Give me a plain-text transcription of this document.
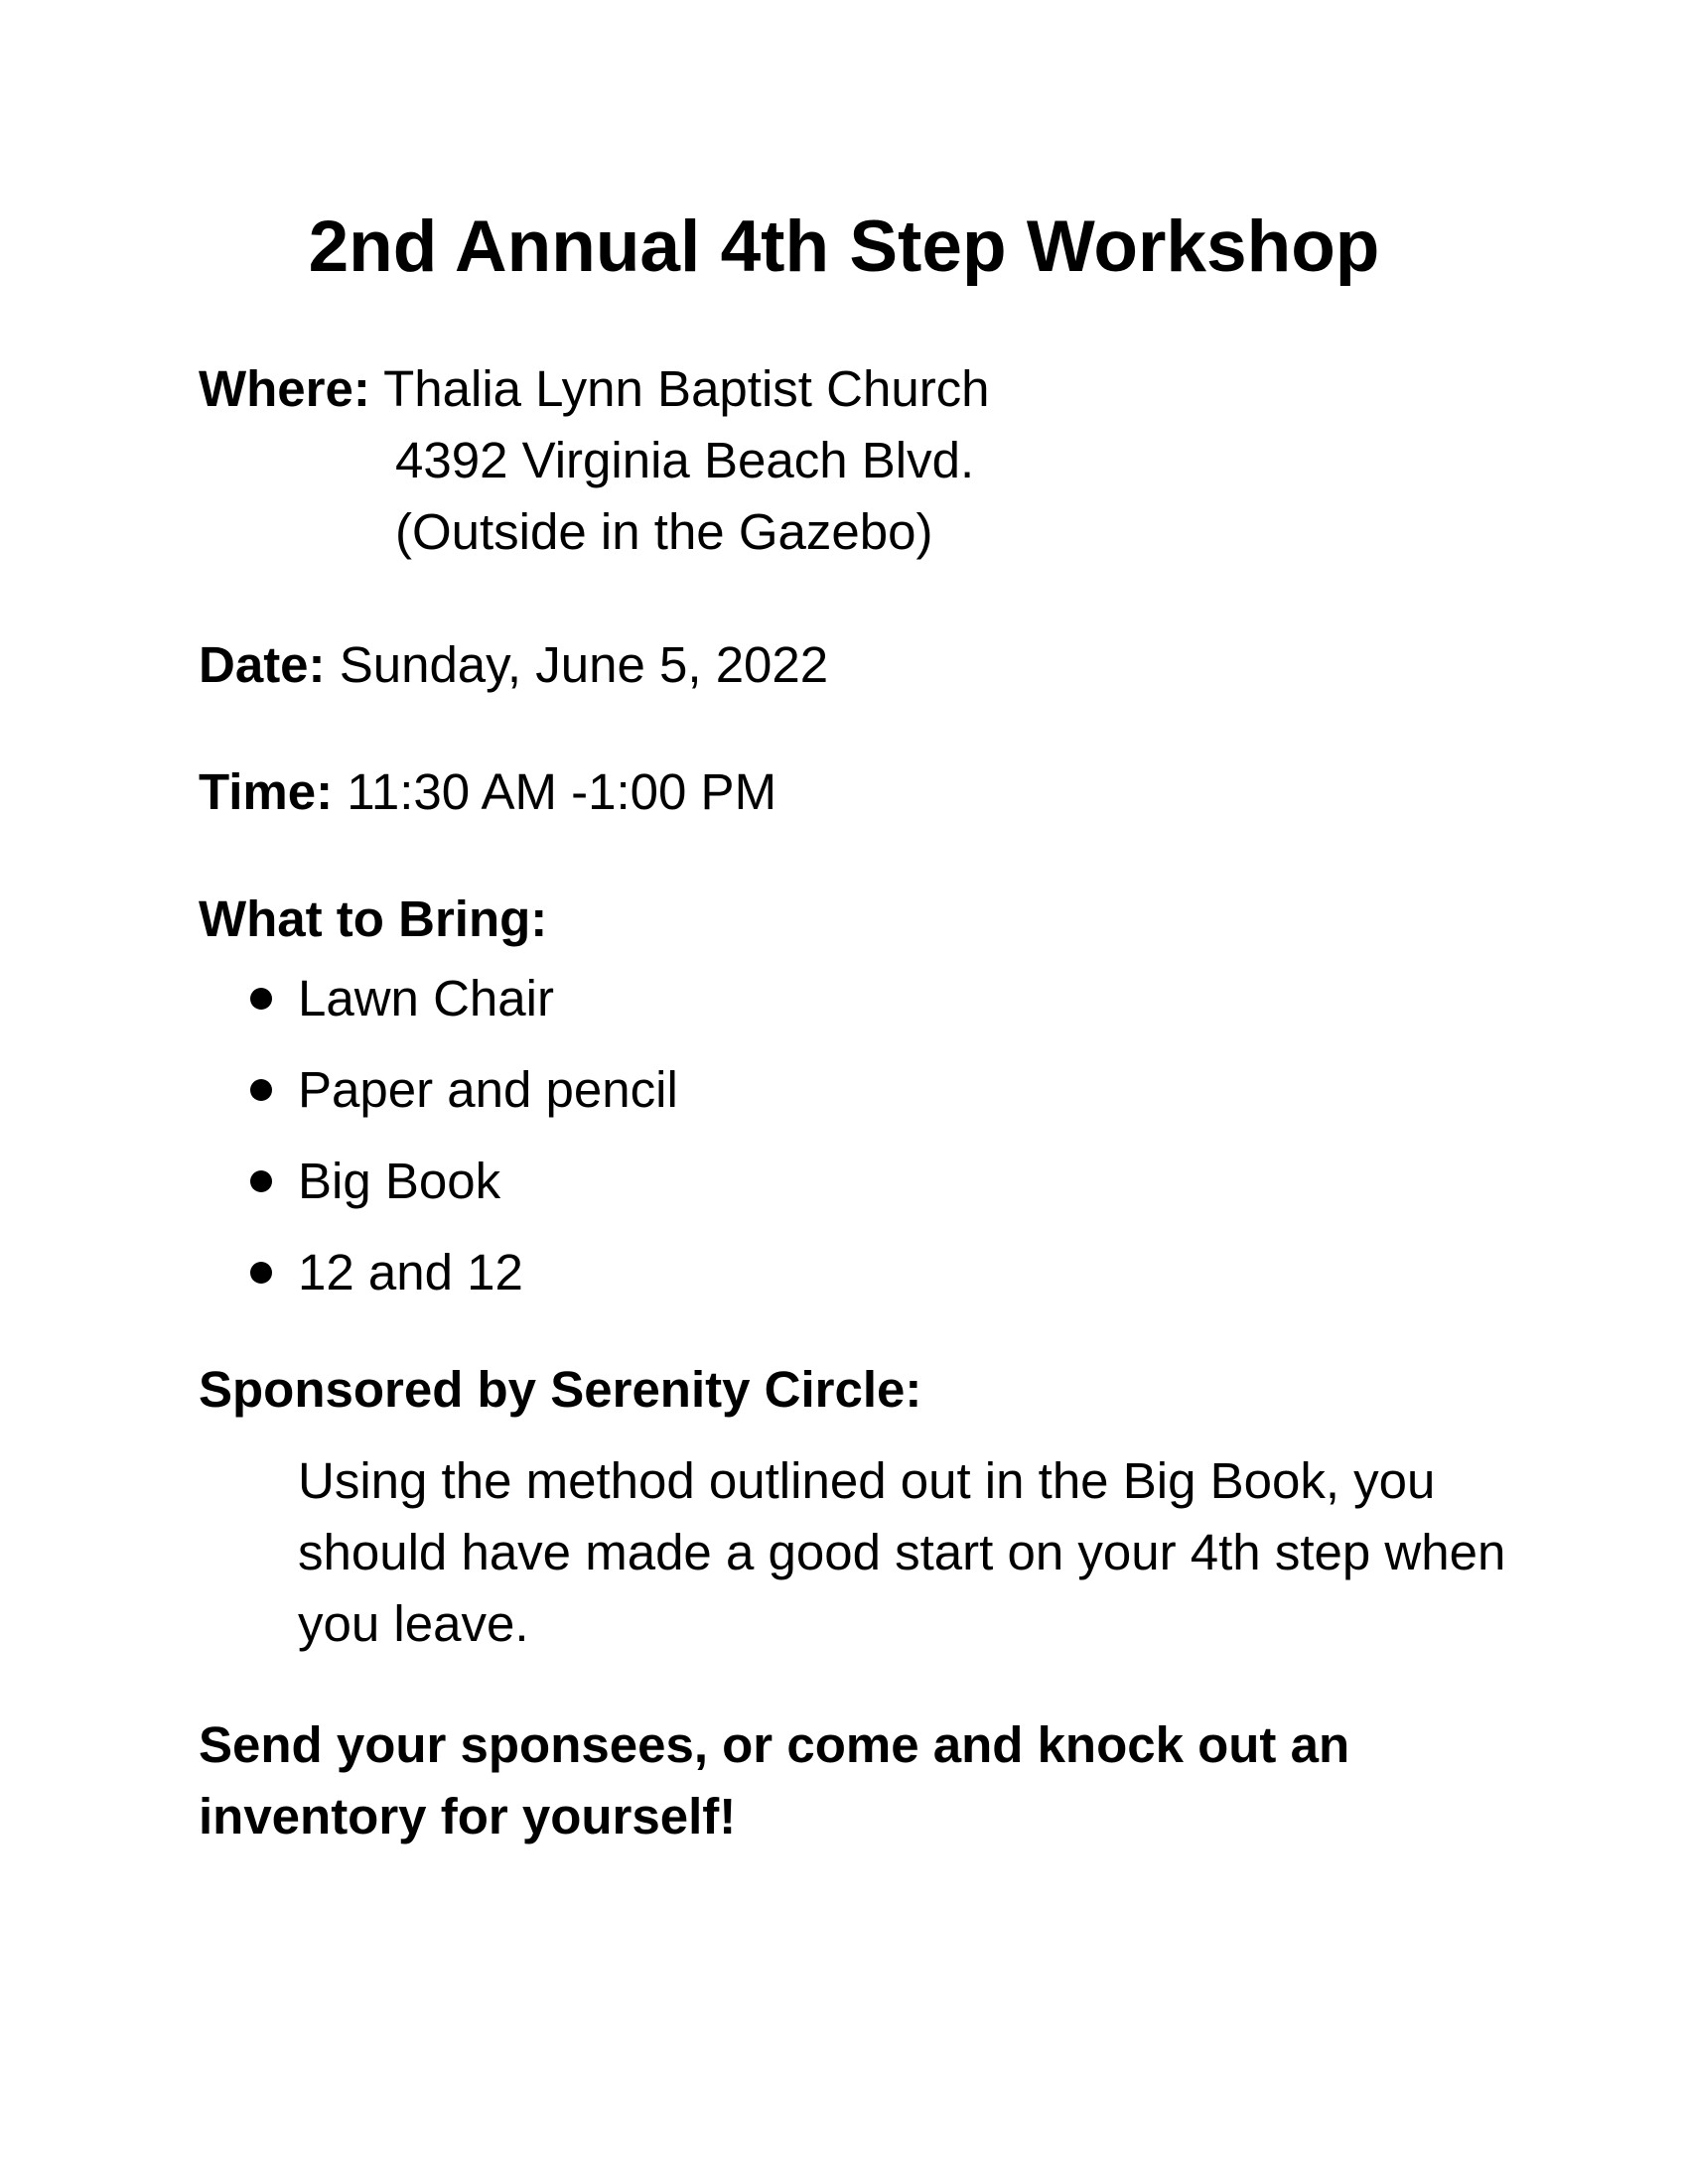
2nd Annual 4th Step Workshop
Where: Thalia Lynn Baptist Church
4392 Virginia Beach Blvd.
(Outside in the Gazebo)
Date: Sunday, June 5, 2022
Time: 11:30 AM -1:00 PM
What to Bring:
Lawn Chair
Paper and pencil
Big Book
12 and 12
Sponsored by Serenity Circle:
Using the method outlined out in the Big Book, you should have made a good start on your 4th step when you leave.
Send your sponsees, or come and knock out an inventory for yourself!
